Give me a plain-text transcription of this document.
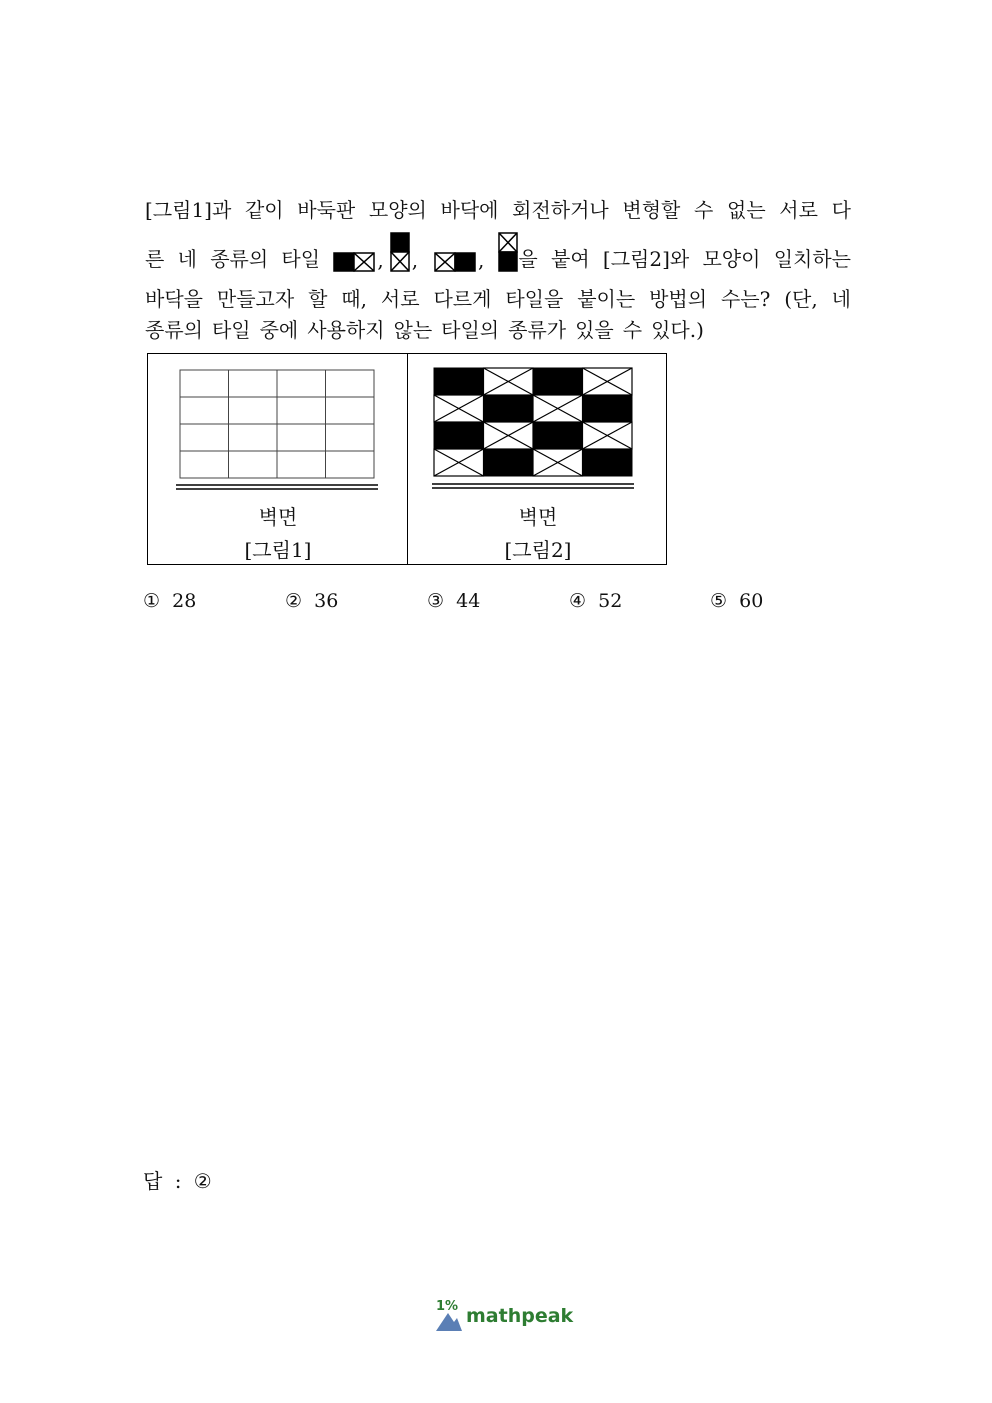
[그림1]과 같이 바둑판 모양의 바닥에 회전하거나 변형할 수 없는 서로 다
른 네 종류의 타일	, ,	, 을 붙여 [그림2]와 모양이 일치하는
바닥을 만들고자 할 때, 서로 다르게 타일을 붙이는 방법의 수는? (단, 네
종류의 타일 중에 사용하지 않는 타일의 종류가 있을 수 있다.)
벽면
[그림1]
벽면
[그림2]
① 28	② 36	③ 44	④ 52	⑤ 60
답 : ②
1% mathpeak
